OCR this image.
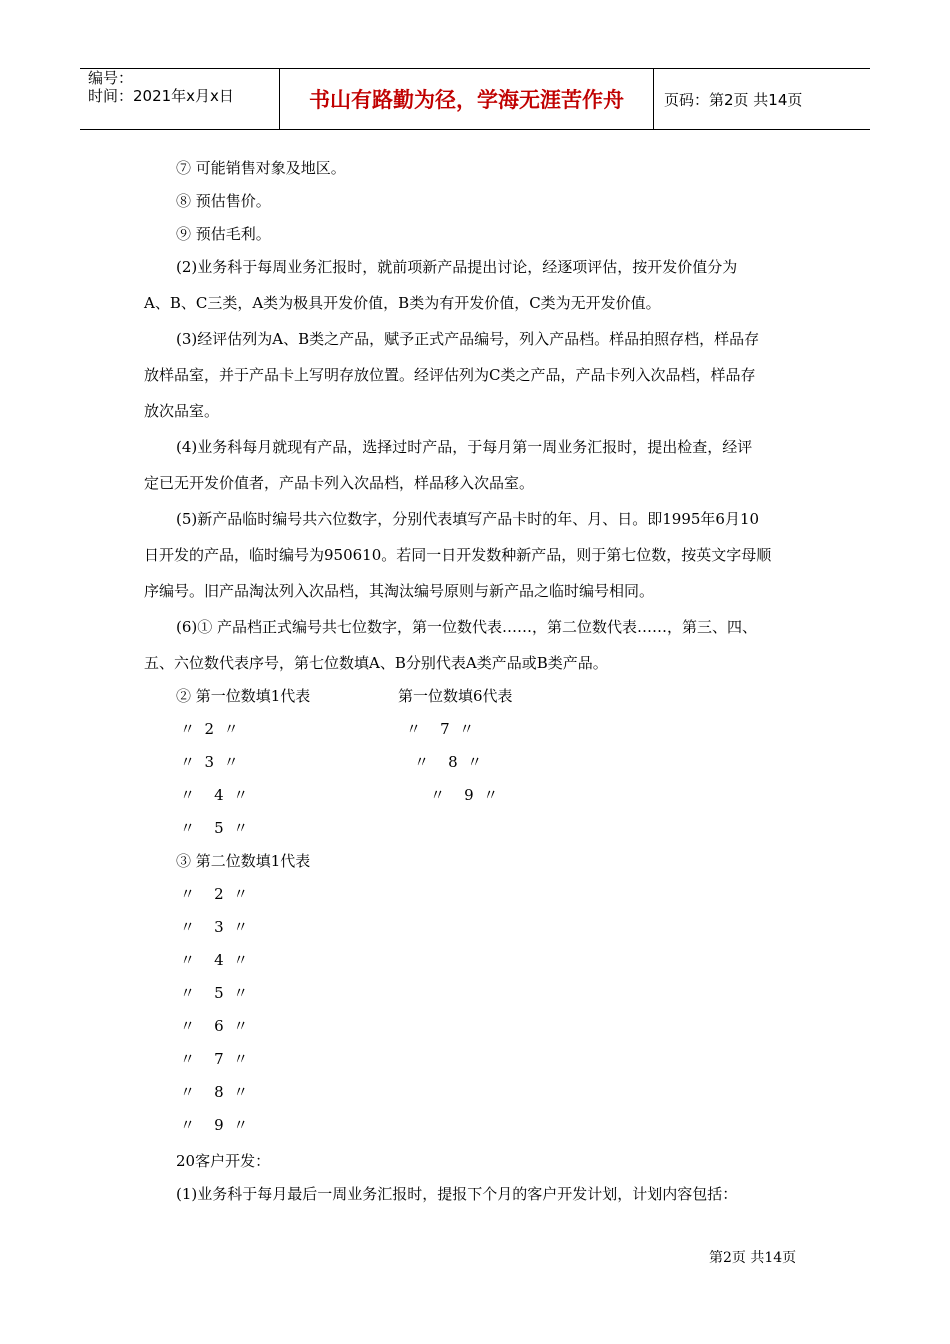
编号：
时间：2021年x月x日	书山有路勤为径，学海无涯苦作舟	页码：第2页 共14页
⑦ 可能销售对象及地区。
⑧ 预估售价。
⑨ 预估毛利。
(2)业务科于每周业务汇报时，就前项新产品提出讨论，经逐项评估，按开发价值分为
A、B、C三类，A类为极具开发价值，B类为有开发价值，C类为无开发价值。
(3)经评估列为A、B类之产品，赋予正式产品编号，列入产品档。样品拍照存档，样品存
放样品室，并于产品卡上写明存放位置。经评估列为C类之产品，产品卡列入次品档，样品存
放次品室。
(4)业务科每月就现有产品，选择过时产品，于每月第一周业务汇报时，提出检查，经评
定已无开发价值者，产品卡列入次品档，样品移入次品室。
(5)新产品临时编号共六位数字，分别代表填写产品卡时的年、月、日。即1995年6月10
日开发的产品，临时编号为950610。若同一日开发数种新产品，则于第七位数，按英文字母顺
序编号。旧产品淘汰列入次品档，其淘汰编号原则与新产品之临时编号相同。
(6)① 产品档正式编号共七位数字，第一位数代表……，第二位数代表……，第三、四、
五、六位数代表序号，第七位数填A、B分别代表A类产品或B类产品。
② 第一位数填1代表	第一位数填6代表
〃  2  〃	〃    7  〃
〃  3  〃	〃    8  〃
〃    4  〃	〃    9  〃
〃    5  〃
③ 第二位数填1代表
〃    2  〃
〃    3  〃
〃    4  〃
〃    5  〃
〃    6  〃
〃    7  〃
〃    8  〃
〃    9  〃
20客户开发：
(1)业务科于每月最后一周业务汇报时，提报下个月的客户开发计划，计划内容包括：
第2页 共14页
